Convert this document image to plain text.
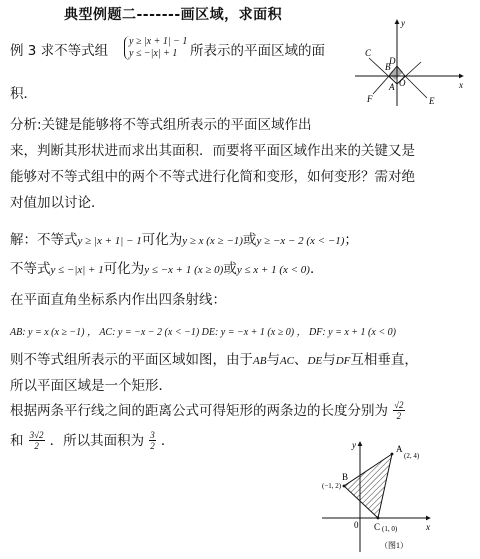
典型例题二-------画区域，求面积
例 3 求不等式组
y ≥ |x + 1| − 1
y ≤ −|x| + 1 所表示的平面区域的面
积．
x
y
O
C
B
D
A
F	E
分析:关键是能够将不等式组所表示的平面区域作出
来，判断其形状进而求出其面积．而要将平面区域作出来的关键又是
能够对不等式组中的两个不等式进行化简和变形，如何变形？需对绝
对值加以讨论．
解：不等式y ≥ |x + 1| − 1可化为y ≥ x (x ≥ −1)或y ≥ −x − 2 (x < −1)；
不等式y ≤ −|x| + 1可化为y ≤ −x + 1 (x ≥ 0)或y ≤ x + 1 (x < 0)．
在平面直角坐标系内作出四条射线：
AB: y = x (x ≥ −1) ， AC: y = −x − 2 (x < −1) DE: y = −x + 1 (x ≥ 0) ， DF: y = x + 1 (x < 0)
则不等式组所表示的平面区域如图，由于AB与AC、DE与DF互相垂直，
所以平面区域是一个矩形．
根据两条平行线之间的距离公式可得矩形的两条边的长度分别为 $\frac{√2}{2}$
和 $\frac{3√2}{2}$ ．所以其面积为 $\frac{3}{2}$ ．
x
y
0
A
(2, 4)
B
(−1, 2)
C (1, 0)
（图1）
